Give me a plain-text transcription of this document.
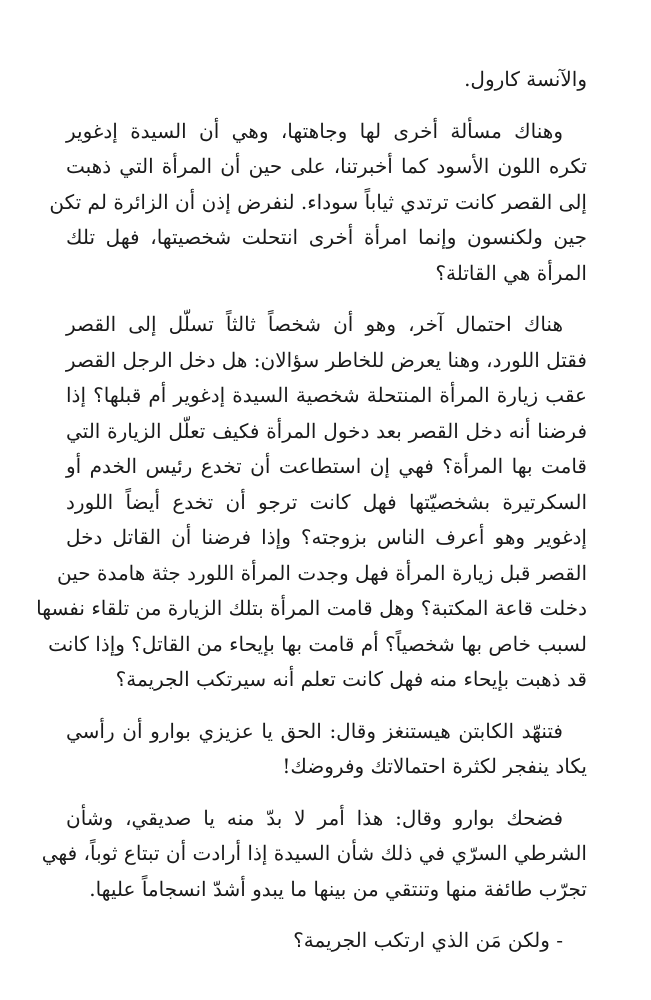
والآنسة كارول.

وهناك مسألة أخرى لها وجاهتها، وهي أن السيدة إدغوير
تكره اللون الأسود كما أخبرتنا، على حين أن المرأة التي ذهبت
إلى القصر كانت ترتدي ثياباً سوداء. لنفرض إذن أن الزائرة لم تكن
جين ولكنسون وإنما امرأة أخرى انتحلت شخصيتها، فهل تلك
المرأة هي القاتلة؟

هناك احتمال آخر، وهو أن شخصاً ثالثاً تسلّل إلى القصر
فقتل اللورد، وهنا يعرض للخاطر سؤالان: هل دخل الرجل القصر
عقب زيارة المرأة المنتحلة شخصية السيدة إدغوير أم قبلها؟ إذا
فرضنا أنه دخل القصر بعد دخول المرأة فكيف تعلّل الزيارة التي
قامت بها المرأة؟ فهي إن استطاعت أن تخدع رئيس الخدم أو
السكرتيرة بشخصيّتها فهل كانت ترجو أن تخدع أيضاً اللورد
إدغوير وهو أعرف الناس بزوجته؟ وإذا فرضنا أن القاتل دخل
القصر قبل زيارة المرأة فهل وجدت المرأة اللورد جثة هامدة حين
دخلت قاعة المكتبة؟ وهل قامت المرأة بتلك الزيارة من تلقاء نفسها
لسبب خاص بها شخصياً؟ أم قامت بها بإيحاء من القاتل؟ وإذا كانت
قد ذهبت بإيحاء منه فهل كانت تعلم أنه سيرتكب الجريمة؟

فتنهّد الكابتن هيستنغز وقال: الحق يا عزيزي بوارو أن رأسي
يكاد ينفجر لكثرة احتمالاتك وفروضك!

فضحك بوارو وقال: هذا أمر لا بدّ منه يا صديقي، وشأن
الشرطي السرّي في ذلك شأن السيدة إذا أرادت أن تبتاع ثوباً، فهي
تجرّب طائفة منها وتنتقي من بينها ما يبدو أشدّ انسجاماً عليها.

- ولكن مَن الذي ارتكب الجريمة؟
